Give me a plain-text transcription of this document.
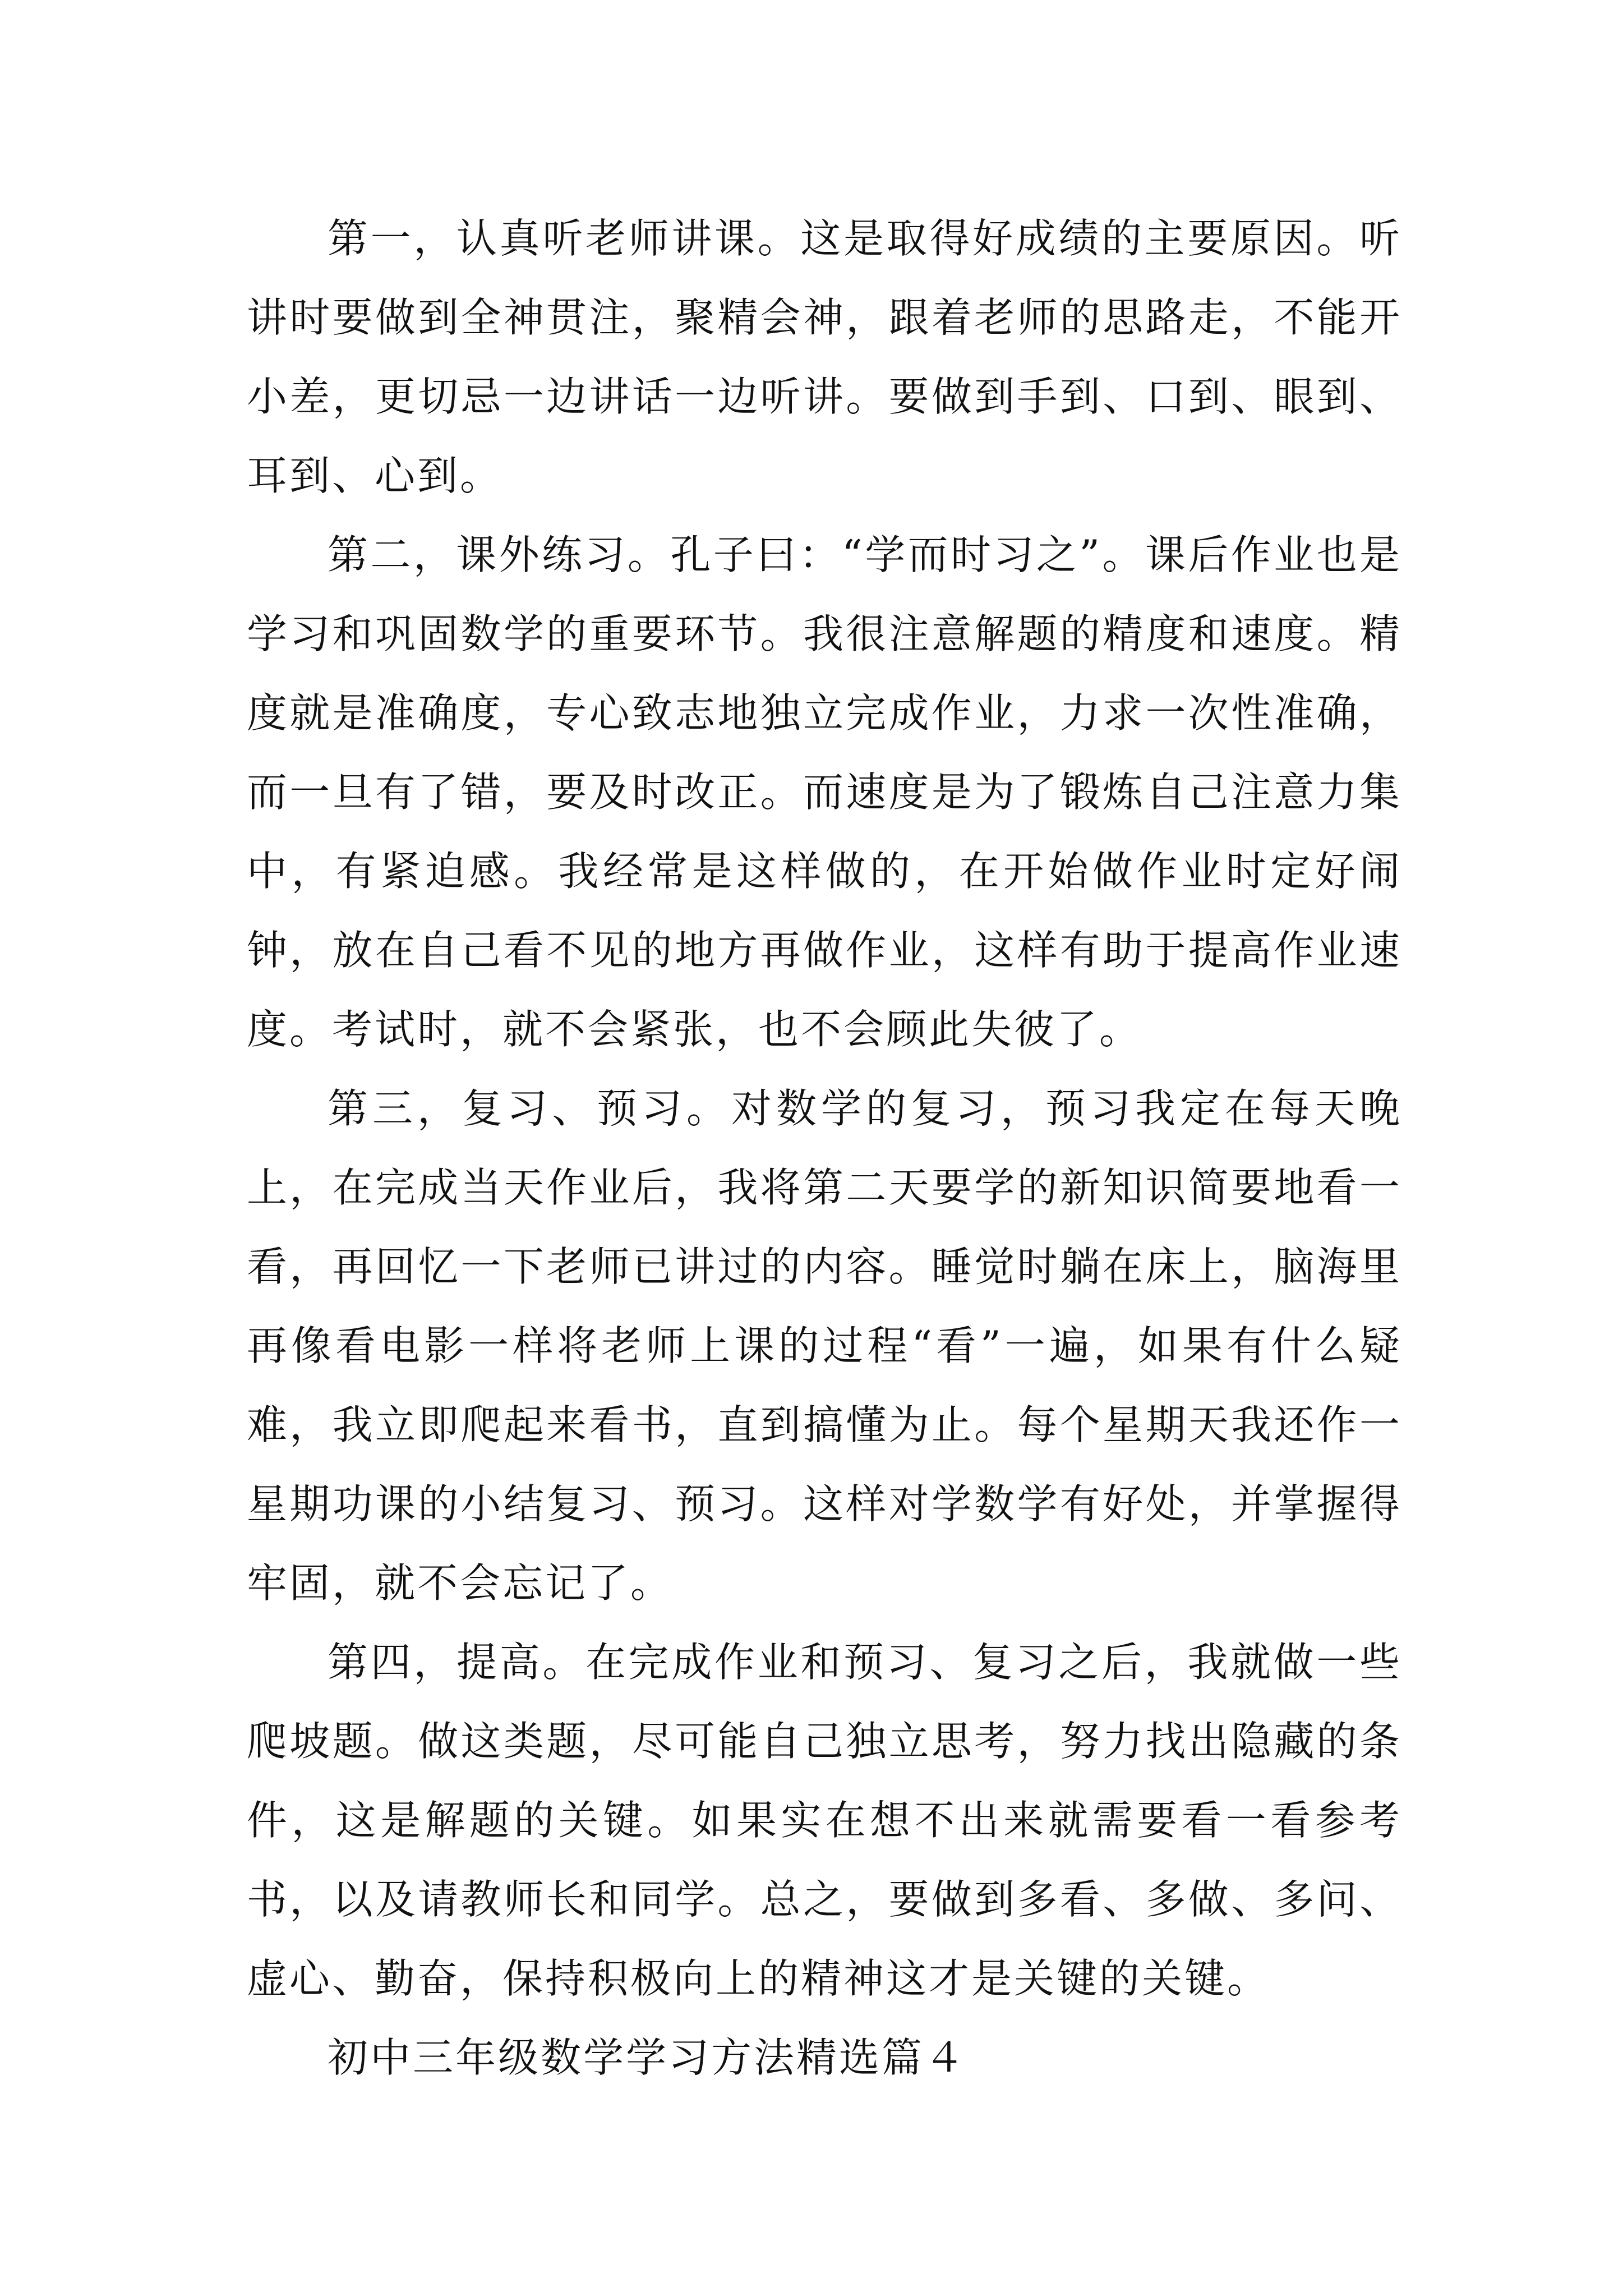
第一，认真听老师讲课。这是取得好成绩的主要原因。听讲时要做到全神贯注，聚精会神，跟着老师的思路走，不能开小差，更切忌一边讲话一边听讲。要做到手到、口到、眼到、耳到、心到。

第二，课外练习。孔子曰：“学而时习之”。课后作业也是学习和巩固数学的重要环节。我很注意解题的精度和速度。精度就是准确度，专心致志地独立完成作业，力求一次性准确，而一旦有了错，要及时改正。而速度是为了锻炼自己注意力集中，有紧迫感。我经常是这样做的，在开始做作业时定好闹钟，放在自己看不见的地方再做作业，这样有助于提高作业速度。考试时，就不会紧张，也不会顾此失彼了。

第三，复习、预习。对数学的复习，预习我定在每天晚上，在完成当天作业后，我将第二天要学的新知识简要地看一看，再回忆一下老师已讲过的内容。睡觉时躺在床上，脑海里再像看电影一样将老师上课的过程“看”一遍，如果有什么疑难，我立即爬起来看书，直到搞懂为止。每个星期天我还作一星期功课的小结复习、预习。这样对学数学有好处，并掌握得牢固，就不会忘记了。

第四，提高。在完成作业和预习、复习之后，我就做一些爬坡题。做这类题，尽可能自己独立思考，努力找出隐藏的条件，这是解题的关键。如果实在想不出来就需要看一看参考书，以及请教师长和同学。总之，要做到多看、多做、多问、虚心、勤奋，保持积极向上的精神这才是关键的关键。

初中三年级数学学习方法精选篇４
